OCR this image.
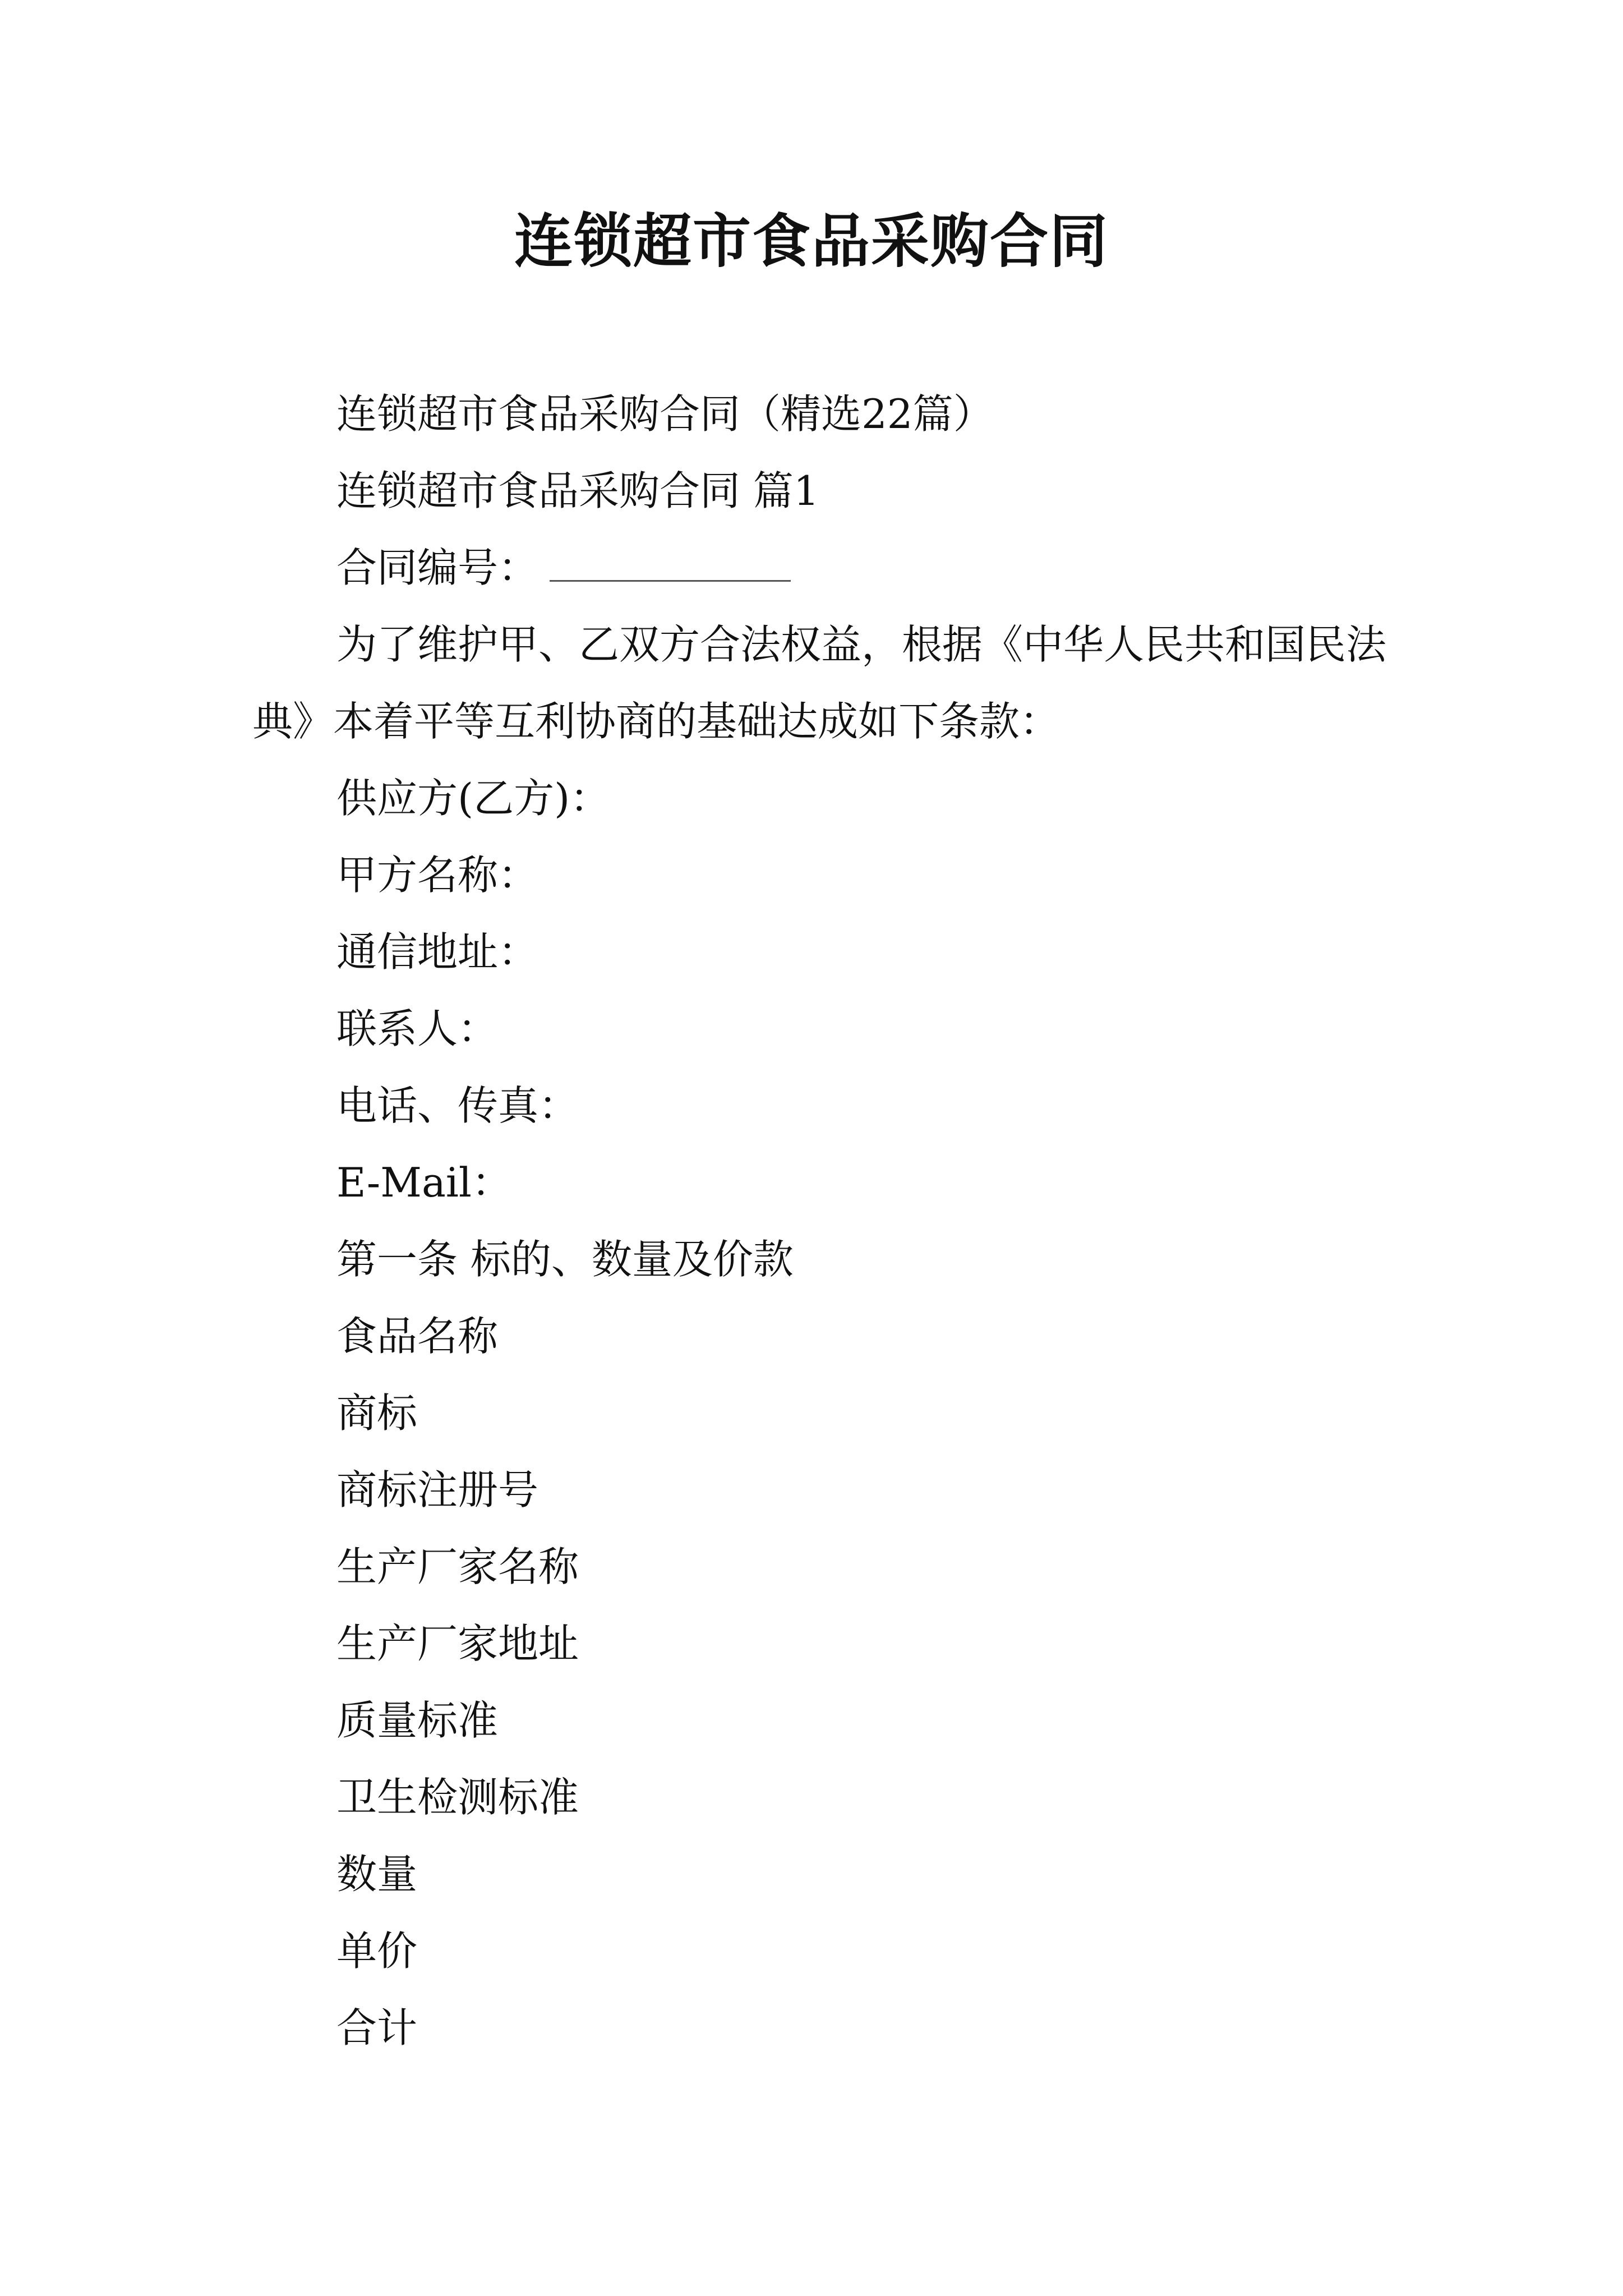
连锁超市食品采购合同

连锁超市食品采购合同（精选22篇）

连锁超市食品采购合同 篇1

合同编号：

为了维护甲、乙双方合法权益，根据《中华人民共和国民法典》本着平等互利协商的基础达成如下条款：

供应方(乙方)：

甲方名称：

通信地址：

联系人：

电话、传真：

E-Mail：

第一条 标的、数量及价款

食品名称

商标

商标注册号

生产厂家名称

生产厂家地址

质量标准

卫生检测标准

数量

单价

合计
